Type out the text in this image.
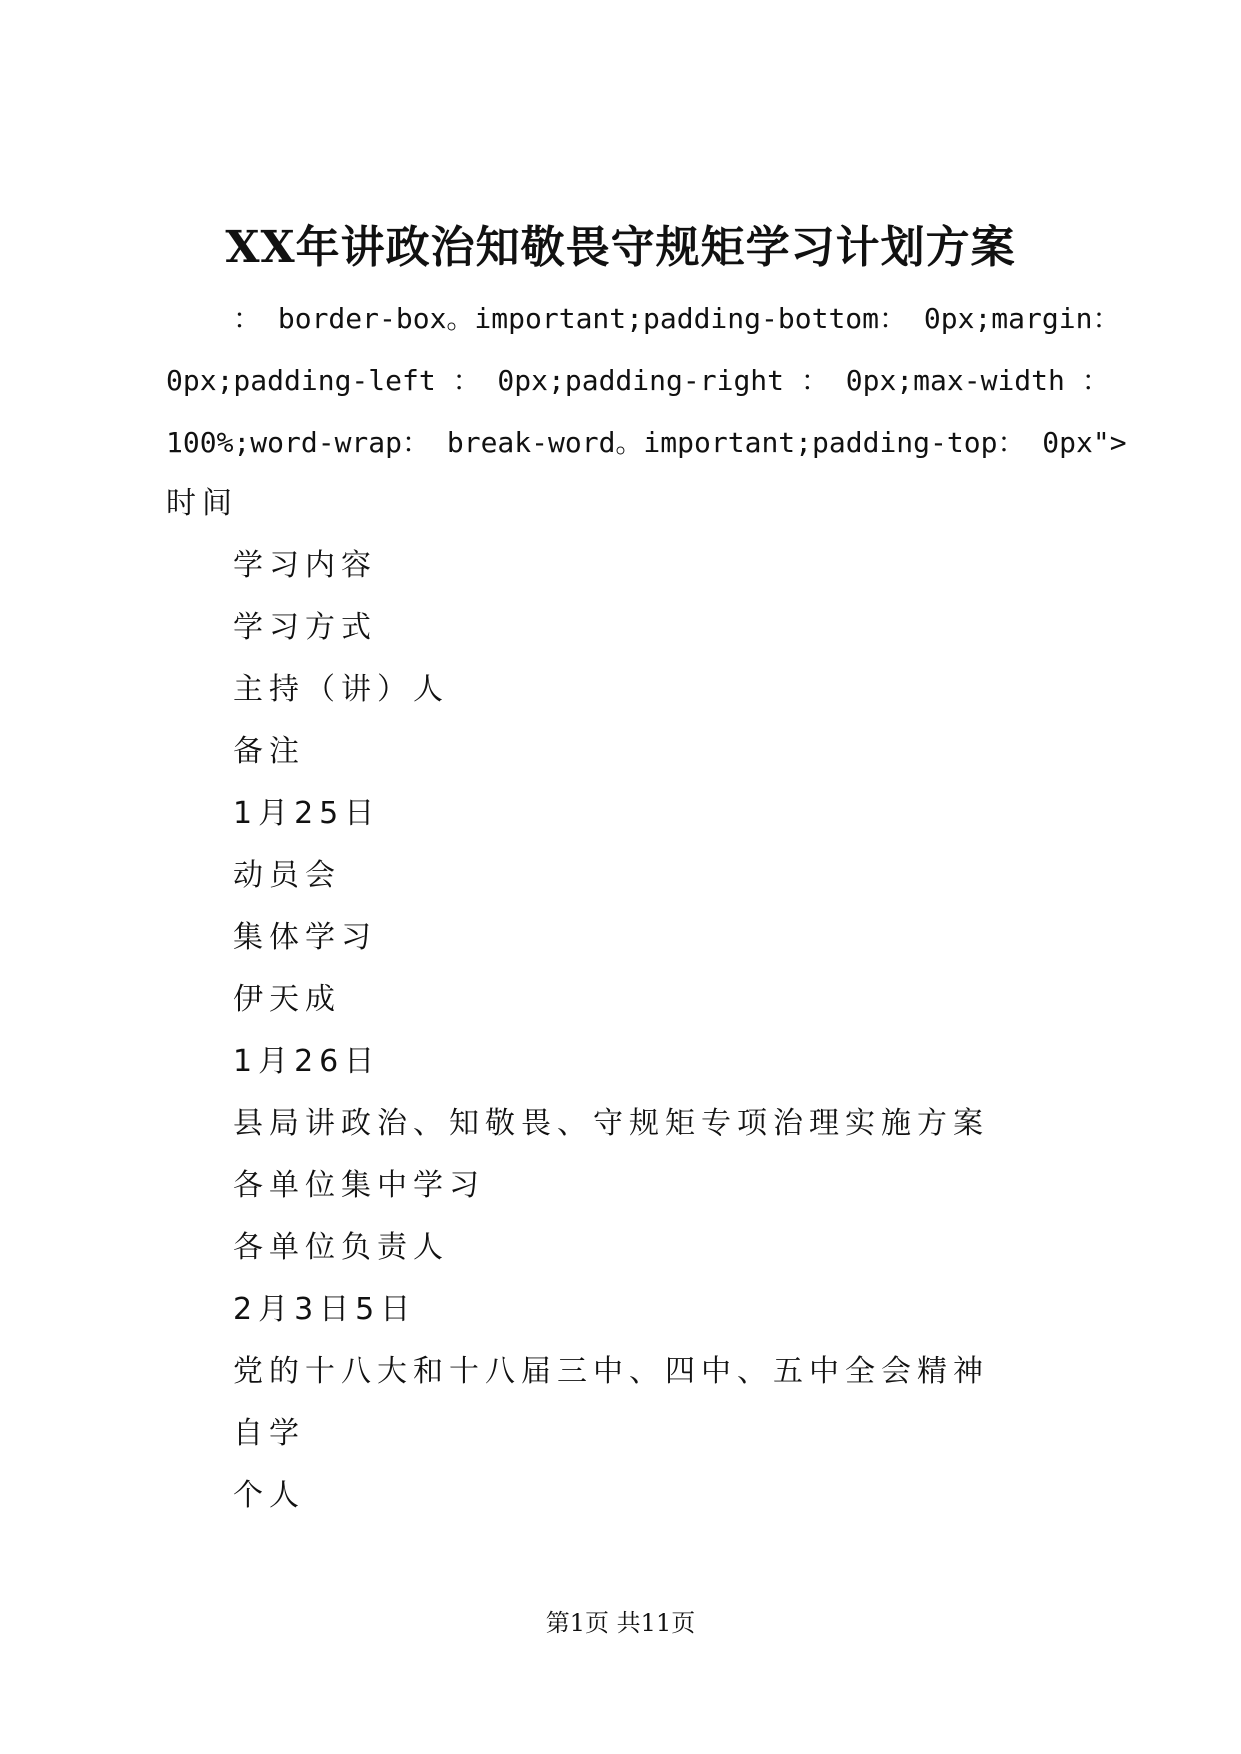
XX年讲政治知敬畏守规矩学习计划方案
： border-box。important;padding-bottom： 0px;margin：
0px;padding-left ： 0px;padding-right ： 0px;max-width ：
100%;word-wrap： break-word。important;padding-top： 0px">
时间
学习内容
学习方式
主持（讲）人
备注
1月25日
动员会
集体学习
伊天成
1月26日
县局讲政治、知敬畏、守规矩专项治理实施方案
各单位集中学习
各单位负责人
2月3日5日
党的十八大和十八届三中、四中、五中全会精神
自学
个人
第1页 共11页
